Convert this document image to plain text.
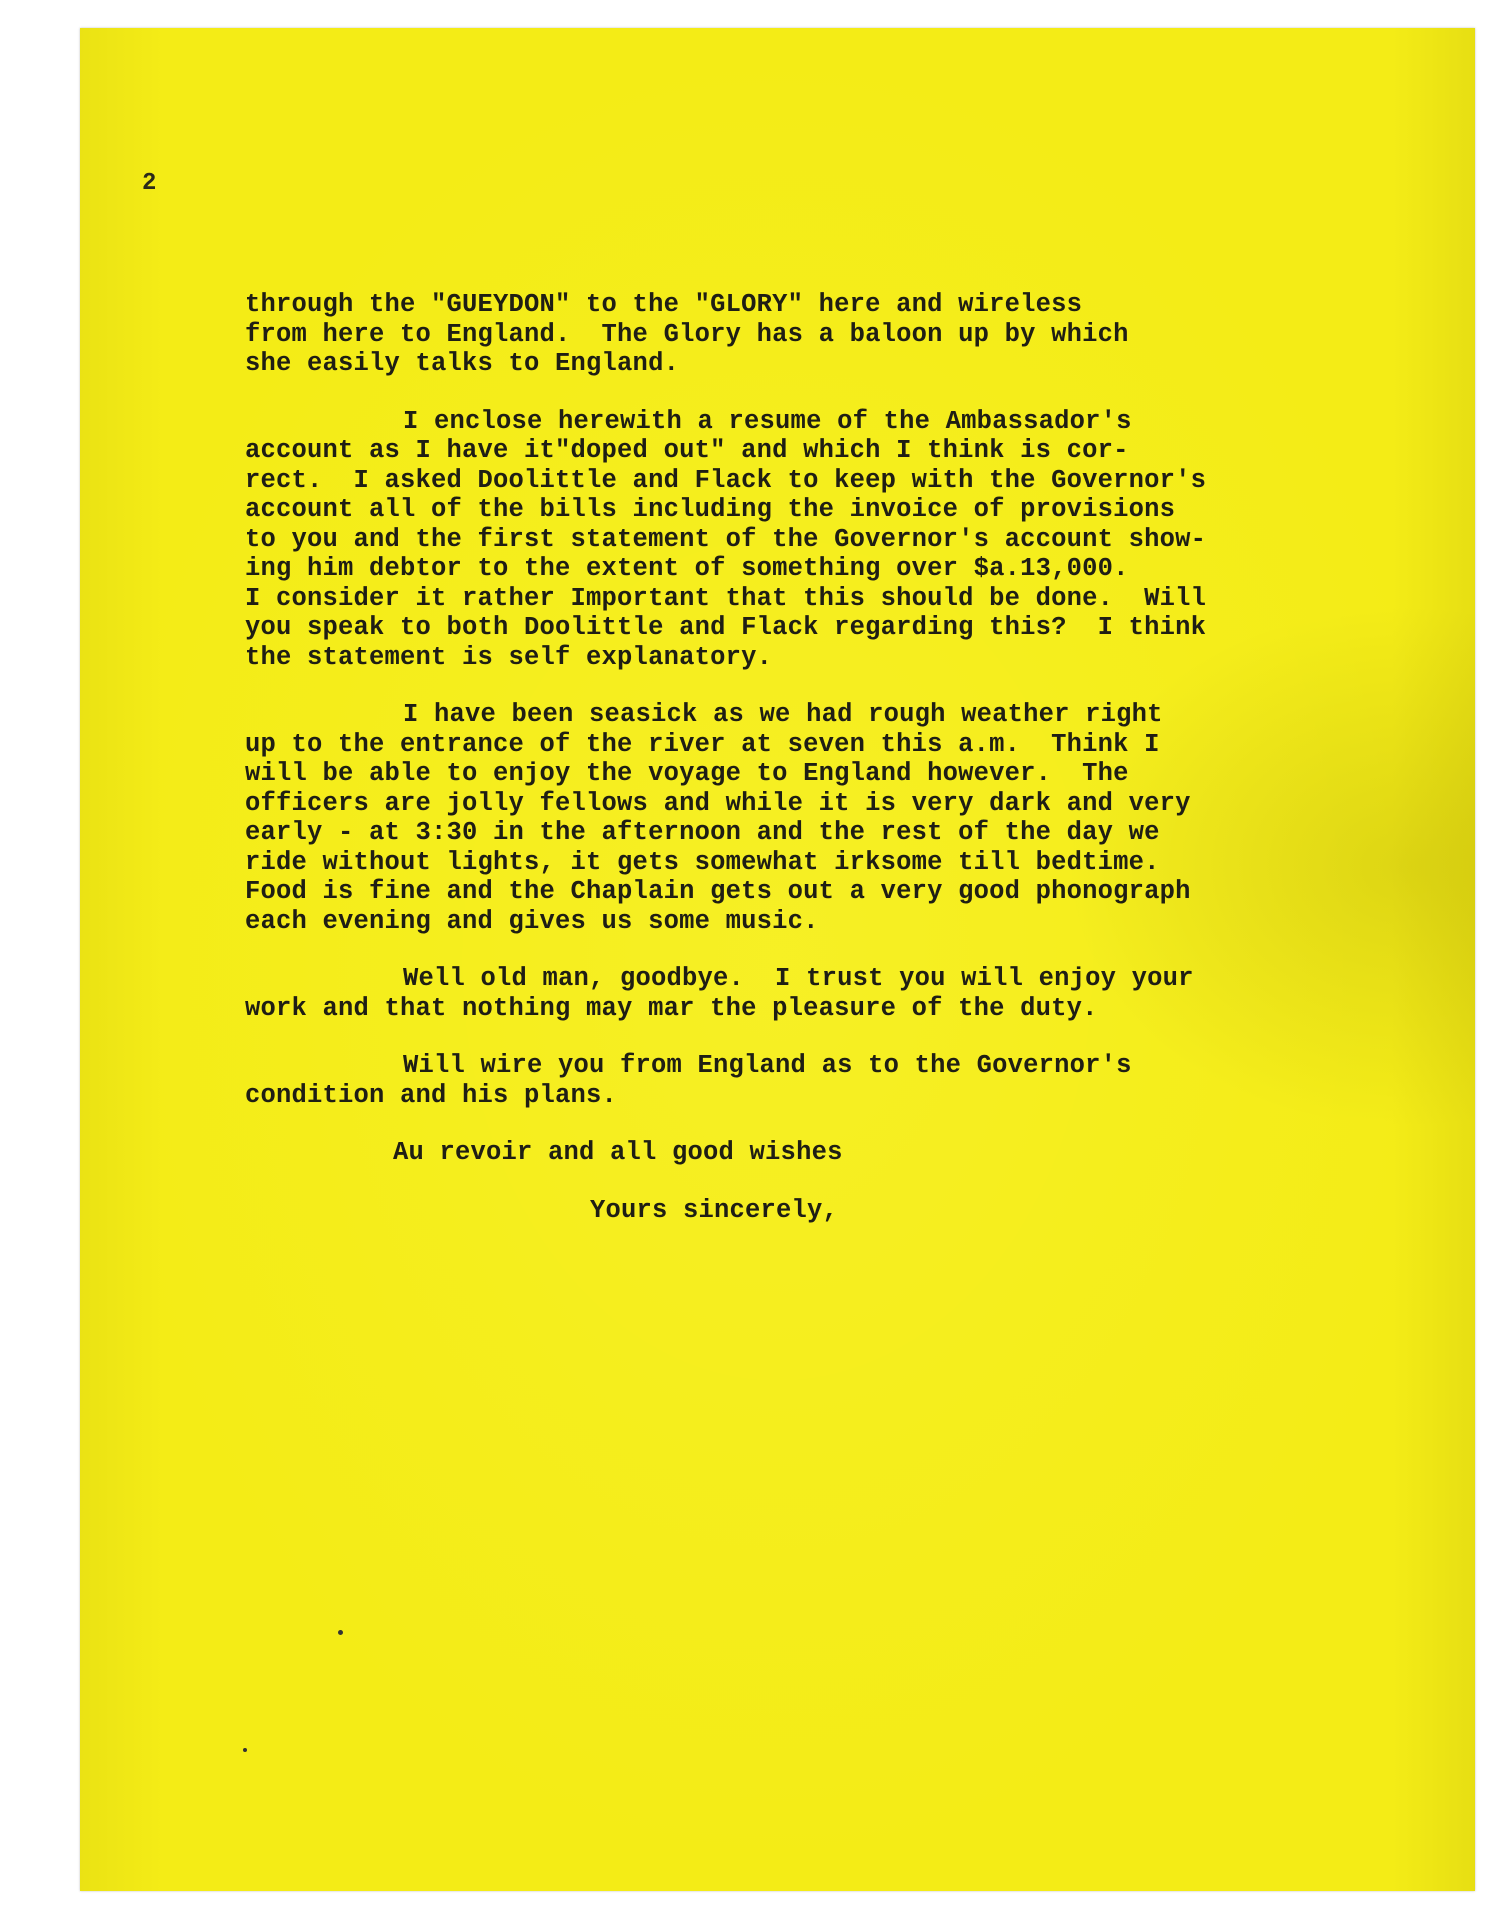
2
through the "GUEYDON" to the "GLORY" here and wireless
from here to England.  The Glory has a baloon up by which
she easily talks to England.
I enclose herewith a resume of the Ambassador's
account as I have it"doped out" and which I think is cor-
rect.  I asked Doolittle and Flack to keep with the Governor's
account all of the bills including the invoice of provisions
to you and the first statement of the Governor's account show-
ing him debtor to the extent of something over $a.13,000.
I consider it rather Important that this should be done.  Will
you speak to both Doolittle and Flack regarding this?  I think
the statement is self explanatory.
I have been seasick as we had rough weather right
up to the entrance of the river at seven this a.m.  Think I
will be able to enjoy the voyage to England however.  The
officers are jolly fellows and while it is very dark and very
early - at 3:30 in the afternoon and the rest of the day we
ride without lights, it gets somewhat irksome till bedtime.
Food is fine and the Chaplain gets out a very good phonograph
each evening and gives us some music.
Well old man, goodbye.  I trust you will enjoy your
work and that nothing may mar the pleasure of the duty.
Will wire you from England as to the Governor's
condition and his plans.
Au revoir and all good wishes
Yours sincerely,
